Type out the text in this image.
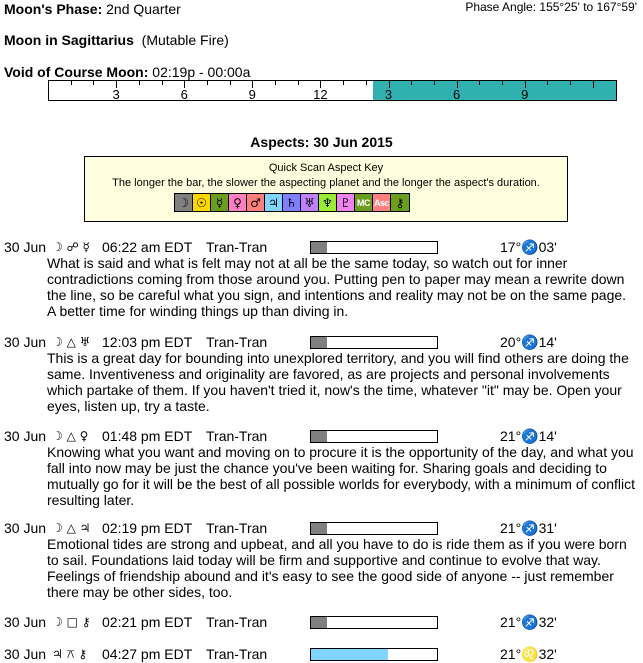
Moon's Phase: 2nd Quarter	Phase Angle: 155°25' to 167°59'
Moon in Sagittarius (Mutable Fire)
Void of Course Moon: 02:19p - 00:00a
3	6	9	12	3	6	9
Aspects: 30 Jun 2015
Quick Scan Aspect Key
The longer the bar, the slower the aspecting planet and the longer the aspect's duration.
☽ ☉ ☿ ♀ ♂ ♃ ♄ ♅ ♆ ♇ MC Asc ⚷
30 Jun ☽ ☍ ☿ 06:22 am EDT Tran-Tran	17°♐03'
What is said and what is felt may not at all be the same today, so watch out for inner contradictions coming from those around you. Putting pen to paper may mean a rewrite down the line, so be careful what you sign, and intentions and reality may not be on the same page. A better time for winding things up than diving in.
30 Jun ☽ △ ♅ 12:03 pm EDT Tran-Tran	20°♐14'
This is a great day for bounding into unexplored territory, and you will find others are doing the same. Inventiveness and originality are favored, as are projects and personal involvements which partake of them. If you haven't tried it, now's the time, whatever "it" may be. Open your eyes, listen up, try a taste.
30 Jun ☽ △ ♀ 01:48 pm EDT Tran-Tran	21°♐14'
Knowing what you want and moving on to procure it is the opportunity of the day, and what you fall into now may be just the chance you've been waiting for. Sharing goals and deciding to mutually go for it will be the best of all possible worlds for everybody, with a minimum of conflict resulting later.
30 Jun ☽ △ ♃ 02:19 pm EDT Tran-Tran	21°♐31'
Emotional tides are strong and upbeat, and all you have to do is ride them as if you were born to sail. Foundations laid today will be firm and supportive and continue to evolve that way. Feelings of friendship abound and it's easy to see the good side of anyone -- just remember there may be other sides, too.
30 Jun ☽ □ ⚷ 02:21 pm EDT Tran-Tran	21°♐32'
30 Jun ♃ ⚻ ⚷ 04:27 pm EDT Tran-Tran	21°♌32'
